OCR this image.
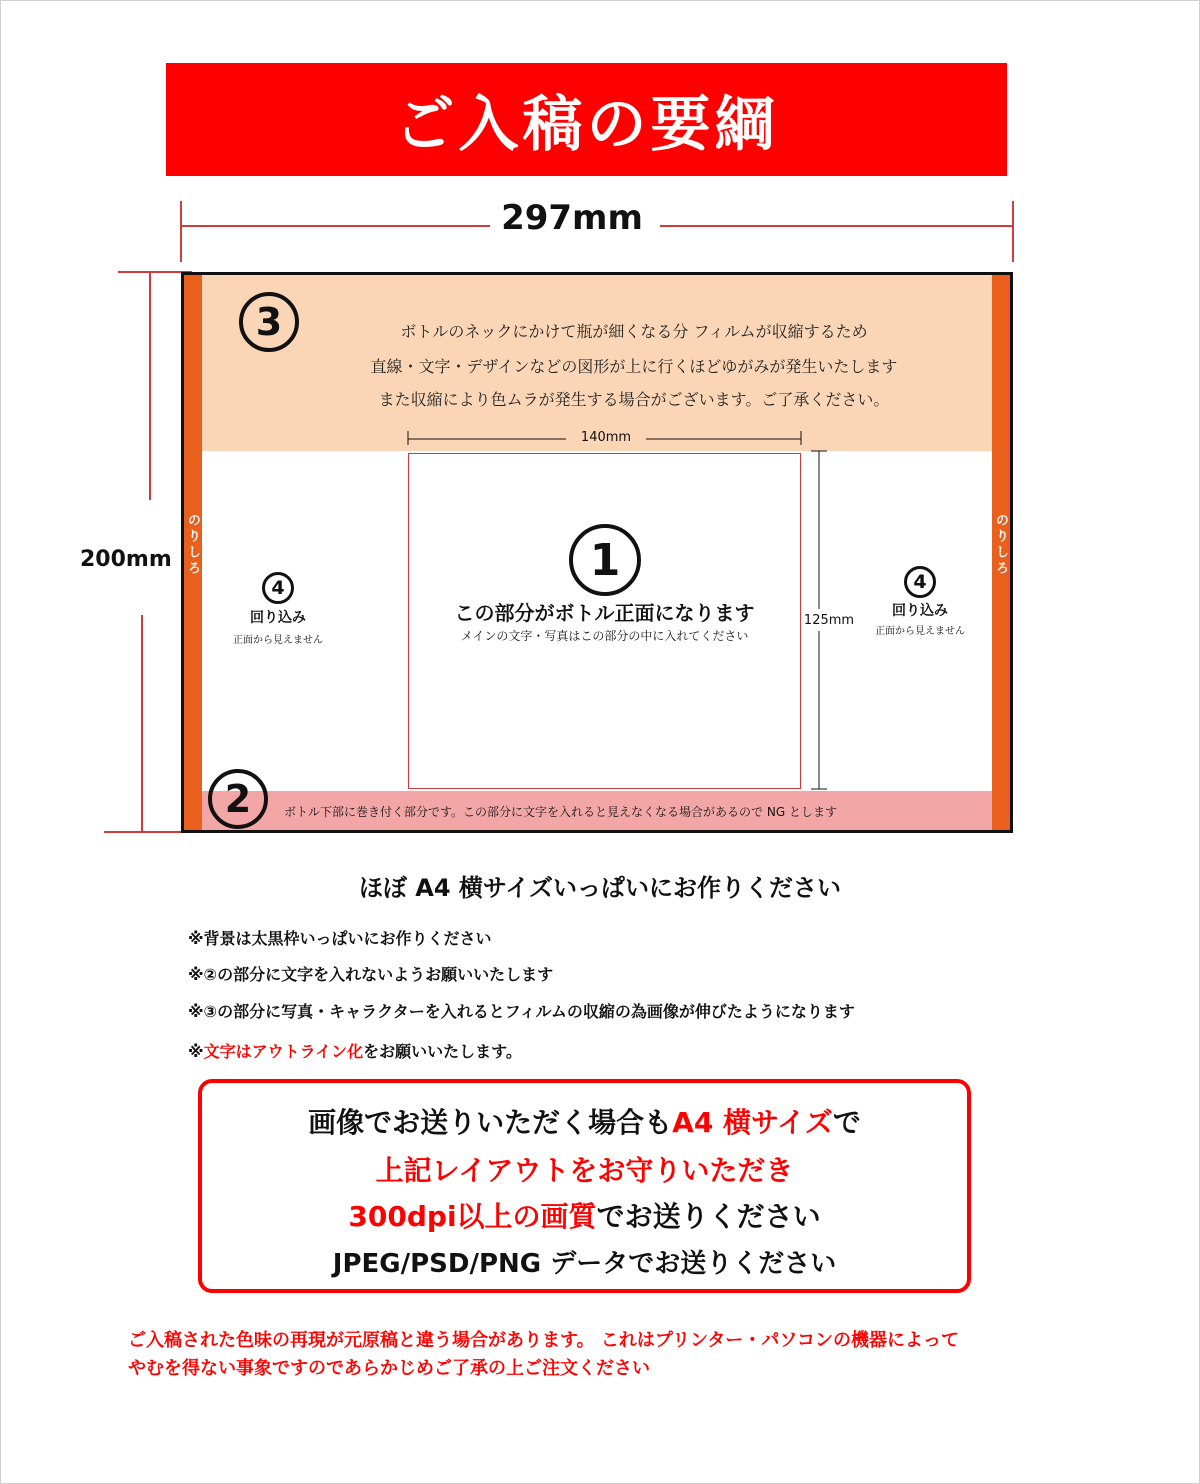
ご入稿の要綱
297mm
200mm
140mm
125mm
のりしろ	のりしろ
3	ボトルのネックにかけて瓶が細くなる分 フィルムが収縮するため
直線・文字・デザインなどの図形が上に行くほどゆがみが発生いたします
また収縮により色ムラが発生する場合がございます。ご了承ください。
1
この部分がボトル正面になります
メインの文字・写真はこの部分の中に入れてください
4
回り込み
正面から見えません
4
回り込み
正面から見えません
2	ボトル下部に巻き付く部分です。この部分に文字を入れると見えなくなる場合があるので NG とします
ほぼ A4 横サイズいっぱいにお作りください
※背景は太黒枠いっぱいにお作りください
※②の部分に文字を入れないようお願いいたします
※③の部分に写真・キャラクターを入れるとフィルムの収縮の為画像が伸びたようになります
※文字はアウトライン化をお願いいたします。
画像でお送りいただく場合もA4 横サイズで
上記レイアウトをお守りいただき
300dpi以上の画質でお送りください
JPEG/PSD/PNG データでお送りください
ご入稿された色味の再現が元原稿と違う場合があります。 これはプリンター・パソコンの機器によって
やむを得ない事象ですのであらかじめご了承の上ご注文ください
